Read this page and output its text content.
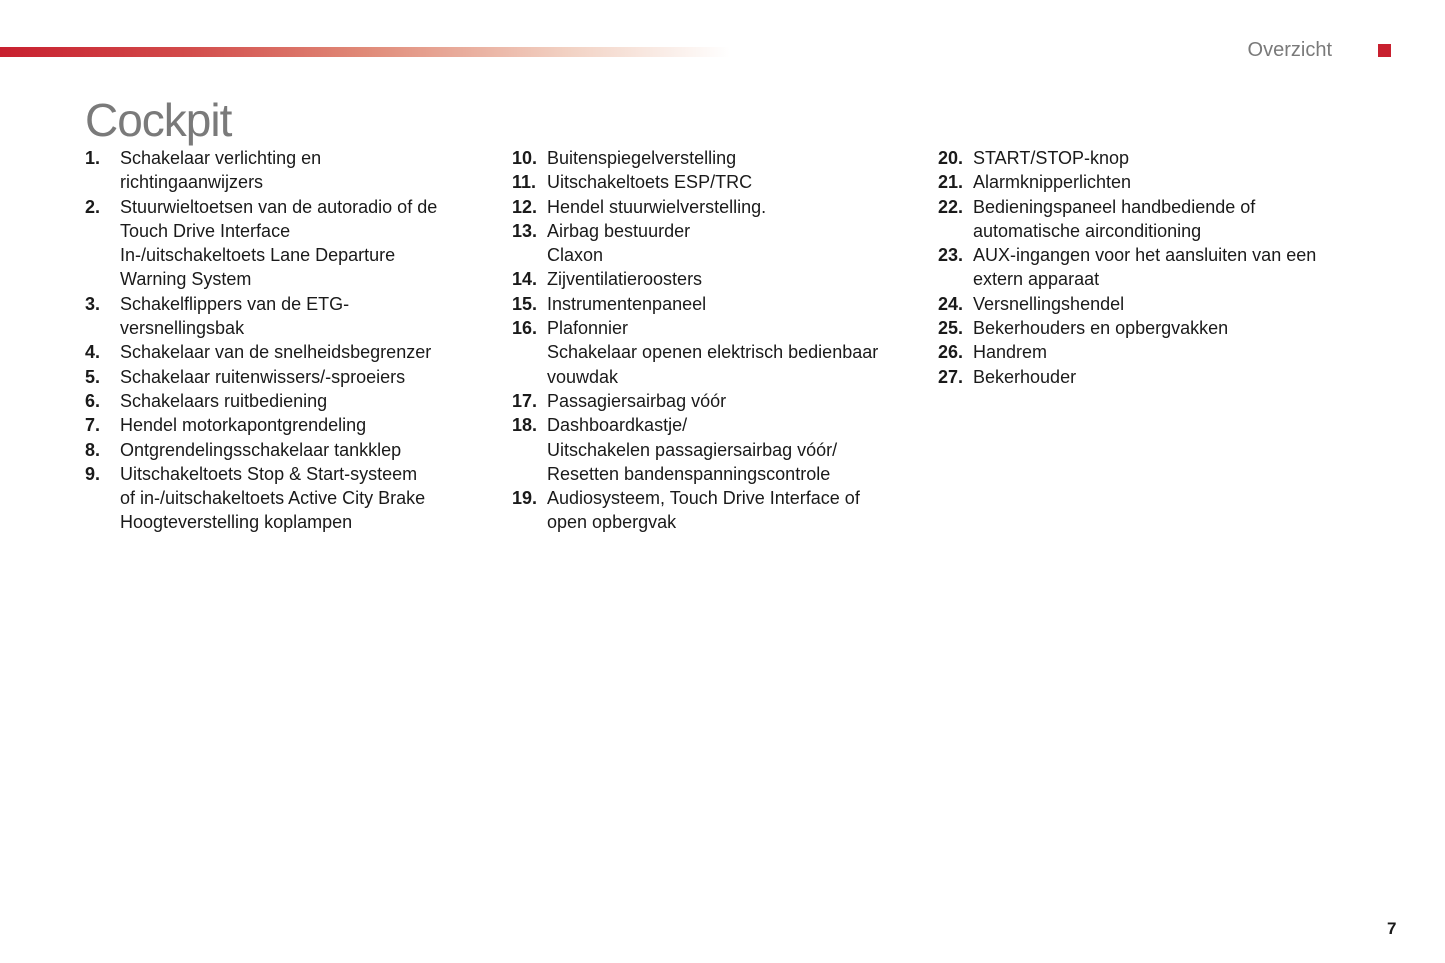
Overzicht
Cockpit
1.	Schakelaar verlichting en
richtingaanwijzers
2.	Stuurwieltoetsen van de autoradio of de
Touch Drive Interface
In-/uitschakeltoets Lane Departure
Warning System
3.	Schakelflippers van de ETG-
versnellingsbak
4.	Schakelaar van de snelheidsbegrenzer
5.	Schakelaar ruitenwissers/-sproeiers
6.	Schakelaars ruitbediening
7.	Hendel motorkapontgrendeling
8.	Ontgrendelingsschakelaar tankklep
9.	Uitschakeltoets Stop & Start-systeem
of in-/uitschakeltoets Active City Brake
Hoogteverstelling koplampen
10. Buitenspiegelverstelling
11. Uitschakeltoets ESP/TRC
12. Hendel stuurwielverstelling.
13. Airbag bestuurder
Claxon
14. Zijventilatieroosters
15. Instrumentenpaneel
16. Plafonnier
Schakelaar openen elektrisch bedienbaar
vouwdak
17. Passagiersairbag vóór
18. Dashboardkastje/
Uitschakelen passagiersairbag vóór/
Resetten bandenspanningscontrole
19. Audiosysteem, Touch Drive Interface of
open opbergvak
20. START/STOP-knop
21. Alarmknipperlichten
22. Bedieningspaneel handbediende of
automatische airconditioning
23. AUX-ingangen voor het aansluiten van een
extern apparaat
24. Versnellingshendel
25. Bekerhouders en opbergvakken
26. Handrem
27. Bekerhouder
7
